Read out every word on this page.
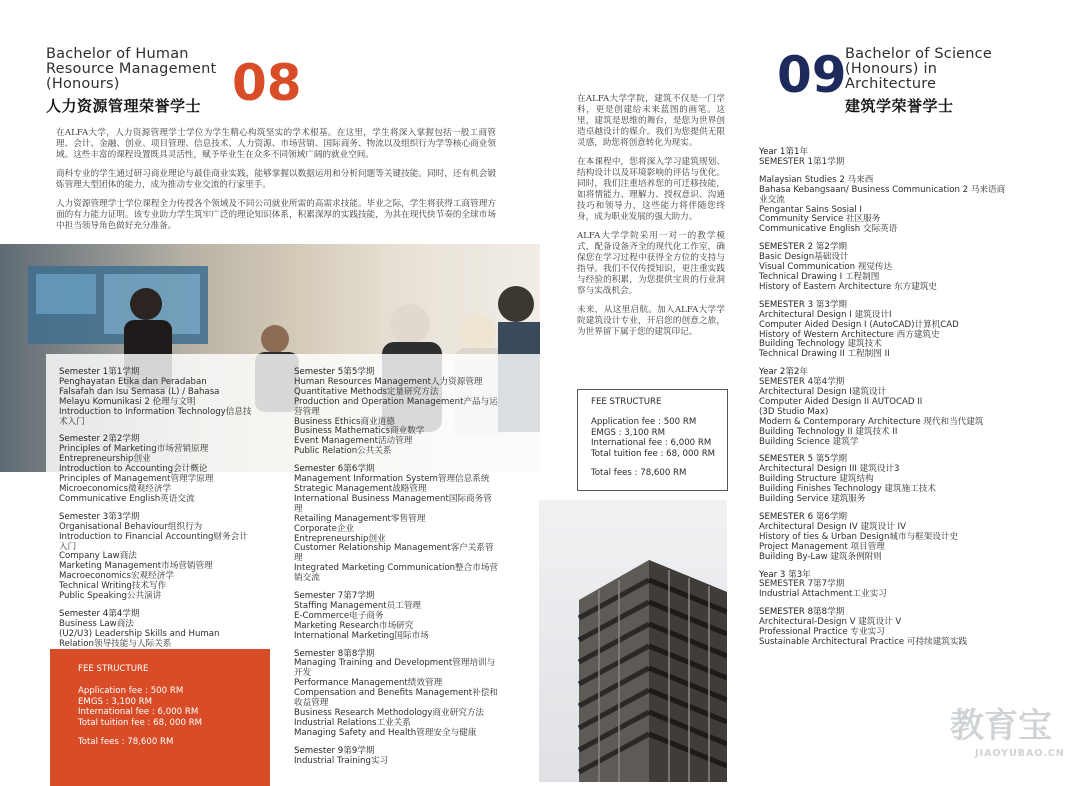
Bachelor of Human
Resource Management
(Honours)
人力资源管理荣誉学士 08

在ALFA大学，人力资源管理学士学位为学生精心构筑坚实的学术根基。在这里，学生将深入掌握包括一般工商管理、会计、金融、创业、项目管理、信息技术、人力资源、市场营销、国际商务、物流以及组织行为学等核心商业领域。这些丰富的课程设置既具灵活性，赋予毕业生在众多不同领域广阔的就业空间。

商科专业的学生通过研习商业理论与最佳商业实践，能够掌握以数据运用和分析问题等关键技能。同时，还有机会锻炼管理大型团体的能力，成为推动专业交流的行家里手。

人力资源管理学士学位课程全力传授各个领域及不同公司就业所需的高需求技能。毕业之际，学生将获得工商管理方面的有力能力证明。该专业助力学生筑牢广泛的理论知识体系，积累深厚的实践技能，为其在现代快节奏的全球市场中担当领导角色做好充分准备。

Semester 1第1学期
Penghayatan Etika dan Peradaban
Falsafah dan Isu Semasa (L) / Bahasa
Melayu Komunikasi 2 伦理与文明
Introduction to Information Technology信息技
术入门
Semester 2第2学期
Principles of Marketing市场营销原理
Entrepreneurship创业
Introduction to Accounting会计概论
Principles of Management管理学原理
Microeconomics微观经济学
Communicative English英语交流
Semester 3第3学期
Organisational Behaviour组织行为
Introduction to Financial Accounting财务会计
入门
Company Law商法
Marketing Management市场营销管理
Macroeconomics宏观经济学
Technical Writing技术写作
Public Speaking公共演讲
Semester 4第4学期
Business Law商法
(U2/U3) Leadership Skills and Human
Relation领导技能与人际关系
Semester 5第5学期
Human Resources Management人力资源管理
Quantitative Methods定量研究方法
Production and Operation Management产品与运
营管理
Business Ethics商业道德
Business Mathematics商业数学
Event Management活动管理
Public Relation公共关系
Semester 6第6学期
Management Information System管理信息系统
Strategic Management战略管理
International Business Management国际商务管
理
Retailing Management零售管理
Corporate企业
Entrepreneurship创业
Customer Relationship Management客户关系管
理
Integrated Marketing Communication整合市场营
销交流
Semester 7第7学期
Staffing Management员工管理
E-Commerce电子商务
Marketing Research市场研究
International Marketing国际市场
Semester 8第8学期
Managing Training and Development管理培训与
开发
Performance Management绩效管理
Compensation and Benefits Management补偿和
收益管理
Business Research Methodology商业研究方法
Industrial Relations工业关系
Managing Safety and Health管理安全与健康
Semester 9第9学期
Industrial Training实习
FEE STRUCTURE
Application fee : 500 RM
EMGS : 3,100 RM
International fee : 6,000 RM
Total tuition fee : 68, 000 RM
Total fees : 78,600 RM

在ALFA大学学院，建筑不仅是一门学科，更是创建给未来蓝图的画笔。这里，建筑是思维的舞台，是您为世界创造卓越设计的媒介。我们为您提供无限灵感，助您将创意转化为现实。

在本课程中，您将深入学习建筑规划、结构设计以及环境影响的评估与优化。同时，我们注重培养您的可迁移技能，如将情能力、理解力、授权意识、沟通技巧和领导力，这些能力将伴随您终身，成为职业发展的强大助力。

ALFA大学学院采用一对一的教学模式，配备设备齐全的现代化工作室，确保您在学习过程中获得全方位的支持与指导。我们不仅传授知识，更注重实践与经验的积累，为您提供宝贵的行业洞察与实战机会。

未来，从这里启航。加入ALFA大学学院建筑设计专业，开启您的创意之旅，为世界留下属于您的建筑印记。

FEE STRUCTURE
Application fee : 500 RM
EMGS : 3,100 RM
International fee : 6,000 RM
Total tuition fee : 68, 000 RM
Total fees : 78,600 RM
09
Bachelor of Science
(Honours) in
Architecture
建筑学荣誉学士
Year 1第1年
SEMESTER 1第1学期
Malaysian Studies 2 马来西
Bahasa Kebangsaan/ Business Communication 2 马来语商
业交流
Pengantar Sains Sosial I
Community Service 社区服务
Communicative English 交际英语
SEMESTER 2 第2学期
Basic Design基础设计
Visual Communication 视觉传达
Technical Drawing I 工程制图
History of Eastern Architecture 东方建筑史
SEMESTER 3 第3学期
Architectural Design I 建筑设计I
Computer Aided Design I (AutoCAD)计算机CAD
History of Western Architecture 西方建筑史
Building Technology 建筑技术
Technical Drawing II 工程制图 II
Year 2第2年
SEMESTER 4第4学期
Architectural Design I建筑设计
Computer Aided Design II AUTOCAD II
(3D Studio Max)
Modern & Contemporary Architecture 现代和当代建筑
Building Technology II 建筑技术 II
Building Science 建筑学
SEMESTER 5 第5学期
Architectural Design III 建筑设计3
Building Structure 建筑结构
Building Finishes Technology 建筑施工技术
Building Service 建筑服务
SEMESTER 6 第6学期
Architectural Design IV 建筑设计 IV
History of ties & Urban Design城市与框架设计史
Project Management 项目管理
Building By-Law 建筑条例附则
Year 3 第3年
SEMESTER 7第7学期
Industrial Attachment工业实习
SEMESTER 8第8学期
Architectural-Design V 建筑设计 V
Professional Practice 专业实习
Sustainable Architectural Practice 可持续建筑实践
教育宝
JIAOYUBAO.CN
